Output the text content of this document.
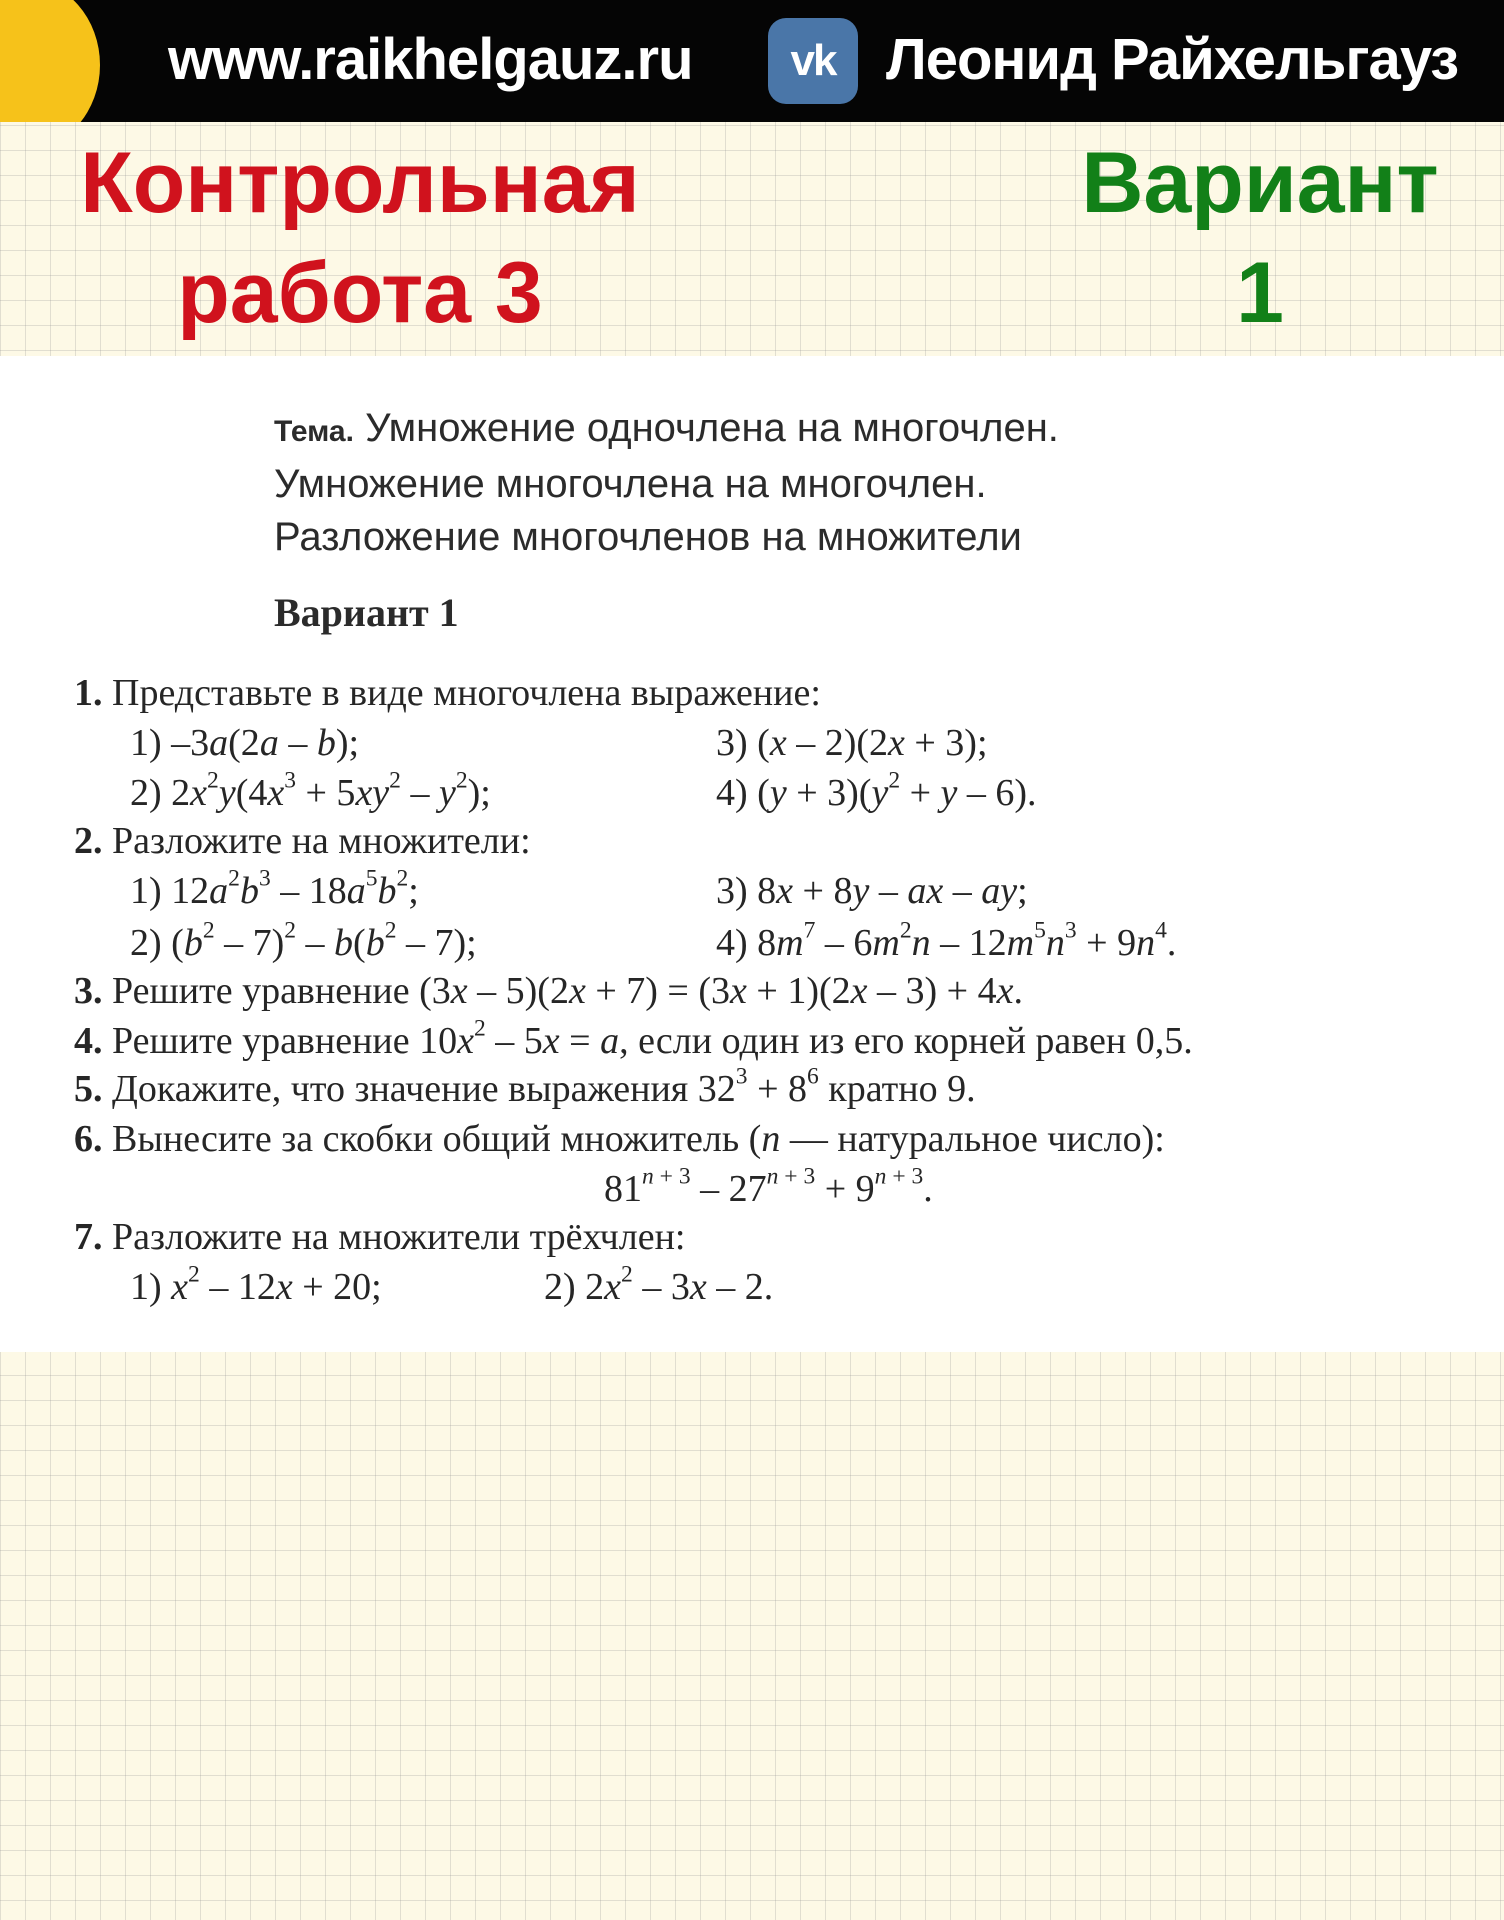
www.raikhelgauz.ru	vk Леонид Райхельгауз
Контрольная
работа 3
Вариант
1
Тема. Умножение одночлена на многочлен.
Умножение многочлена на многочлен.
Разложение многочленов на множители
Вариант 1
1. Представьте в виде многочлена выражение:
1) –3a(2a – b);	3) (x – 2)(2x + 3);
2) $2x^2y(4x^3 + 5xy^2 - y^2)$;	4) $(y + 3)(y^2 + y - 6)$.
2. Разложите на множители:
1) $12a^2b^3 - 18a^5b^2$;	3) 8x + 8y – ax – ay;
2) $(b^2 - 7)^2 - b(b^2 - 7)$;	4) $8m^7 - 6m^2n - 12m^5n^3 + 9n^4$.
3. Решите уравнение (3x – 5)(2x + 7) = (3x + 1)(2x – 3) + 4x.
4. Решите уравнение $10x^2 - 5x = a$, если один из его корней равен 0,5.
5. Докажите, что значение выражения $32^3 + 8^6$ кратно 9.
6. Вынесите за скобки общий множитель (n — натуральное число):
$81^{n + 3} - 27^{n + 3} + 9^{n + 3}$.
7. Разложите на множители трёхчлен:
1) $x^2 - 12x + 20$;	2) $2x^2 - 3x - 2$.
